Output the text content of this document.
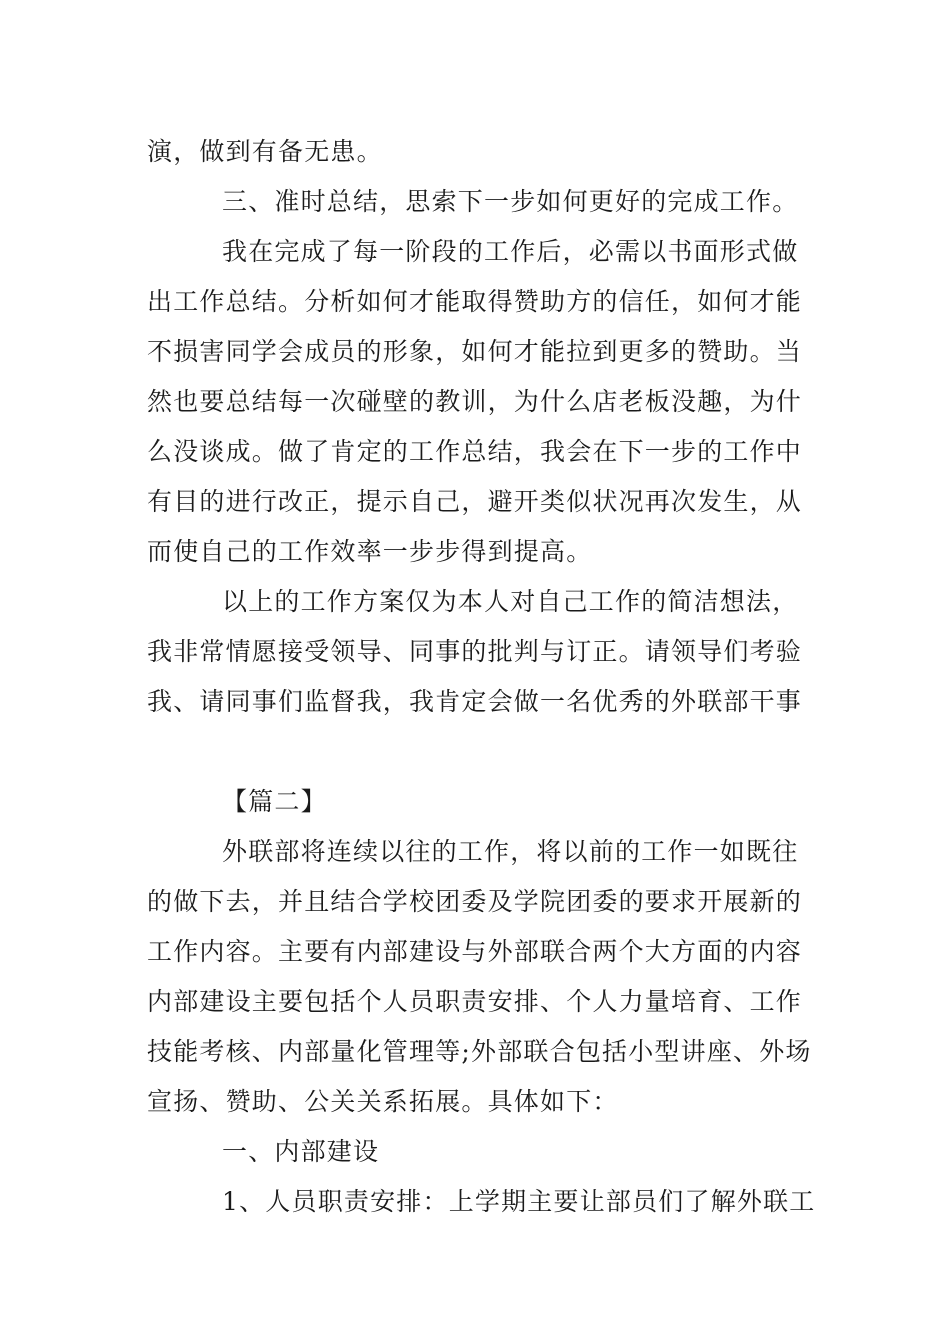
演，做到有备无患。
三、准时总结，思索下一步如何更好的完成工作。
我在完成了每一阶段的工作后，必需以书面形式做
出工作总结。分析如何才能取得赞助方的信任，如何才能
不损害同学会成员的形象，如何才能拉到更多的赞助。当
然也要总结每一次碰壁的教训，为什么店老板没趣，为什
么没谈成。做了肯定的工作总结，我会在下一步的工作中
有目的进行改正，提示自己，避开类似状况再次发生，从
而使自己的工作效率一步步得到提高。
以上的工作方案仅为本人对自己工作的简洁想法，
我非常情愿接受领导、同事的批判与订正。请领导们考验
我、请同事们监督我，我肯定会做一名优秀的外联部干事
【篇二】
外联部将连续以往的工作，将以前的工作一如既往
的做下去，并且结合学校团委及学院团委的要求开展新的
工作内容。主要有内部建设与外部联合两个大方面的内容
内部建设主要包括个人员职责安排、个人力量培育、工作
技能考核、内部量化管理等;外部联合包括小型讲座、外场
宣扬、赞助、公关关系拓展。具体如下：
一、内部建设
1、人员职责安排：上学期主要让部员们了解外联工
